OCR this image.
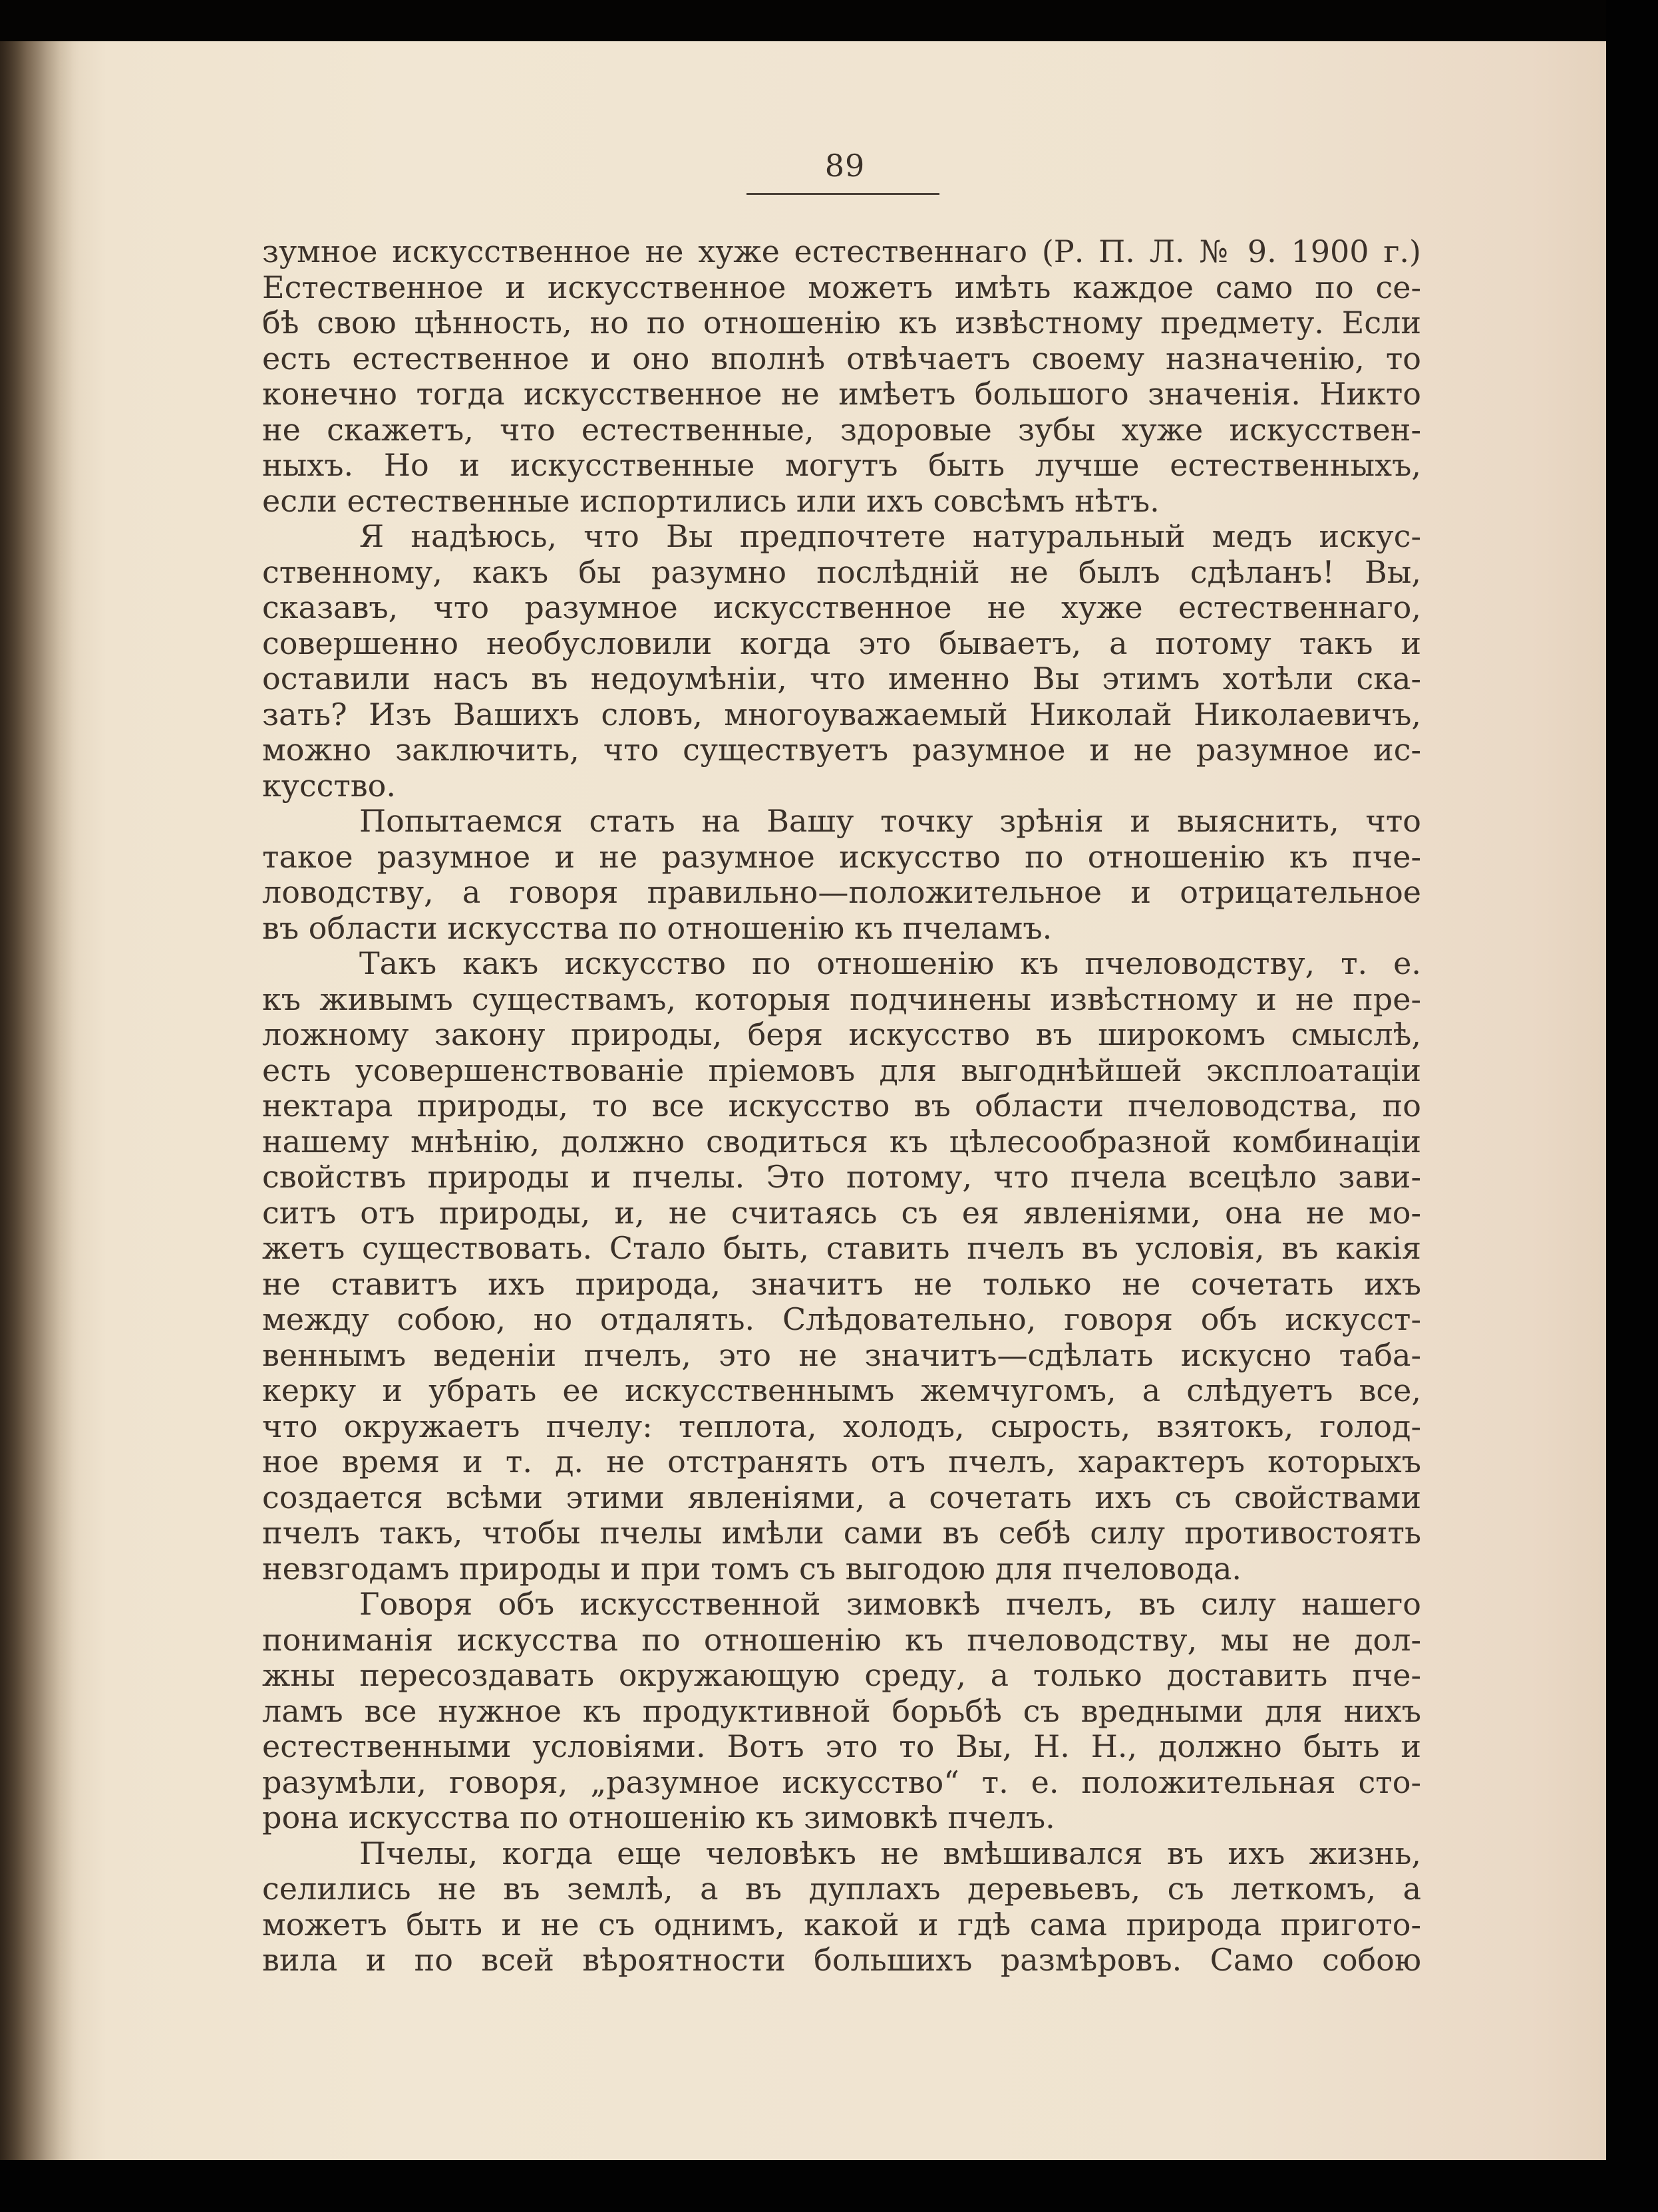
89
зумное искусственное не хуже естественнаго (Р. П. Л. № 9. 1900 г.)
Естественное и искусственное можетъ имѣть каждое само по се-
бѣ свою цѣнность, но по отношенію къ извѣстному предмету. Если
есть естественное и оно вполнѣ отвѣчаетъ своему назначенію, то
конечно тогда искусственное не имѣетъ большого значенія. Никто
не скажетъ, что естественные, здоровые зубы хуже искусствен-
ныхъ. Но и искусственные могутъ быть лучше естественныхъ,
если естественные испортились или ихъ совсѣмъ нѣтъ.
Я надѣюсь, что Вы предпочтете натуральный медъ искус-
ственному, какъ бы разумно послѣдній не былъ сдѣланъ! Вы,
сказавъ, что разумное искусственное не хуже естественнаго,
совершенно необусловили когда это бываетъ, а потому такъ и
оставили насъ въ недоумѣніи, что именно Вы этимъ хотѣли ска-
зать? Изъ Вашихъ словъ, многоуважаемый Николай Николаевичъ,
можно заключить, что существуетъ разумное и не разумное ис-
кусство.
Попытаемся стать на Вашу точку зрѣнія и выяснить, что
такое разумное и не разумное искусство по отношенію къ пче-
ловодству, а говоря правильно—положительное и отрицательное
въ области искусства по отношенію къ пчеламъ.
Такъ какъ искусство по отношенію къ пчеловодству, т. е.
къ живымъ существамъ, которыя подчинены извѣстному и не пре-
ложному закону природы, беря искусство въ широкомъ смыслѣ,
есть усовершенствованіе пріемовъ для выгоднѣйшей эксплоатаціи
нектара природы, то все искусство въ области пчеловодства, по
нашему мнѣнію, должно сводиться къ цѣлесообразной комбинаціи
свойствъ природы и пчелы. Это потому, что пчела всецѣло зави-
ситъ отъ природы, и, не считаясь съ ея явленіями, она не мо-
жетъ существовать. Стало быть, ставить пчелъ въ условія, въ какія
не ставитъ ихъ природа, значитъ не только не сочетать ихъ
между собою, но отдалять. Слѣдовательно, говоря объ искусст-
веннымъ веденіи пчелъ, это не значитъ—сдѣлать искусно таба-
керку и убрать ее искусственнымъ жемчугомъ, а слѣдуетъ все,
что окружаетъ пчелу: теплота, холодъ, сырость, взятокъ, голод-
ное время и т. д. не отстранять отъ пчелъ, характеръ которыхъ
создается всѣми этими явленіями, а сочетать ихъ съ свойствами
пчелъ такъ, чтобы пчелы имѣли сами въ себѣ силу противостоять
невзгодамъ природы и при томъ съ выгодою для пчеловода.
Говоря объ искусственной зимовкѣ пчелъ, въ силу нашего
пониманія искусства по отношенію къ пчеловодству, мы не дол-
жны пересоздавать окружающую среду, а только доставить пче-
ламъ все нужное къ продуктивной борьбѣ съ вредными для нихъ
естественными условіями. Вотъ это то Вы, Н. Н., должно быть и
разумѣли, говоря, „разумное искусство“ т. е. положительная сто-
рона искусства по отношенію къ зимовкѣ пчелъ.
Пчелы, когда еще человѣкъ не вмѣшивался въ ихъ жизнь,
селились не въ землѣ, а въ дуплахъ деревьевъ, съ леткомъ, а
можетъ быть и не съ однимъ, какой и гдѣ сама природа пригото-
вила и по всей вѣроятности большихъ размѣровъ. Само собою
